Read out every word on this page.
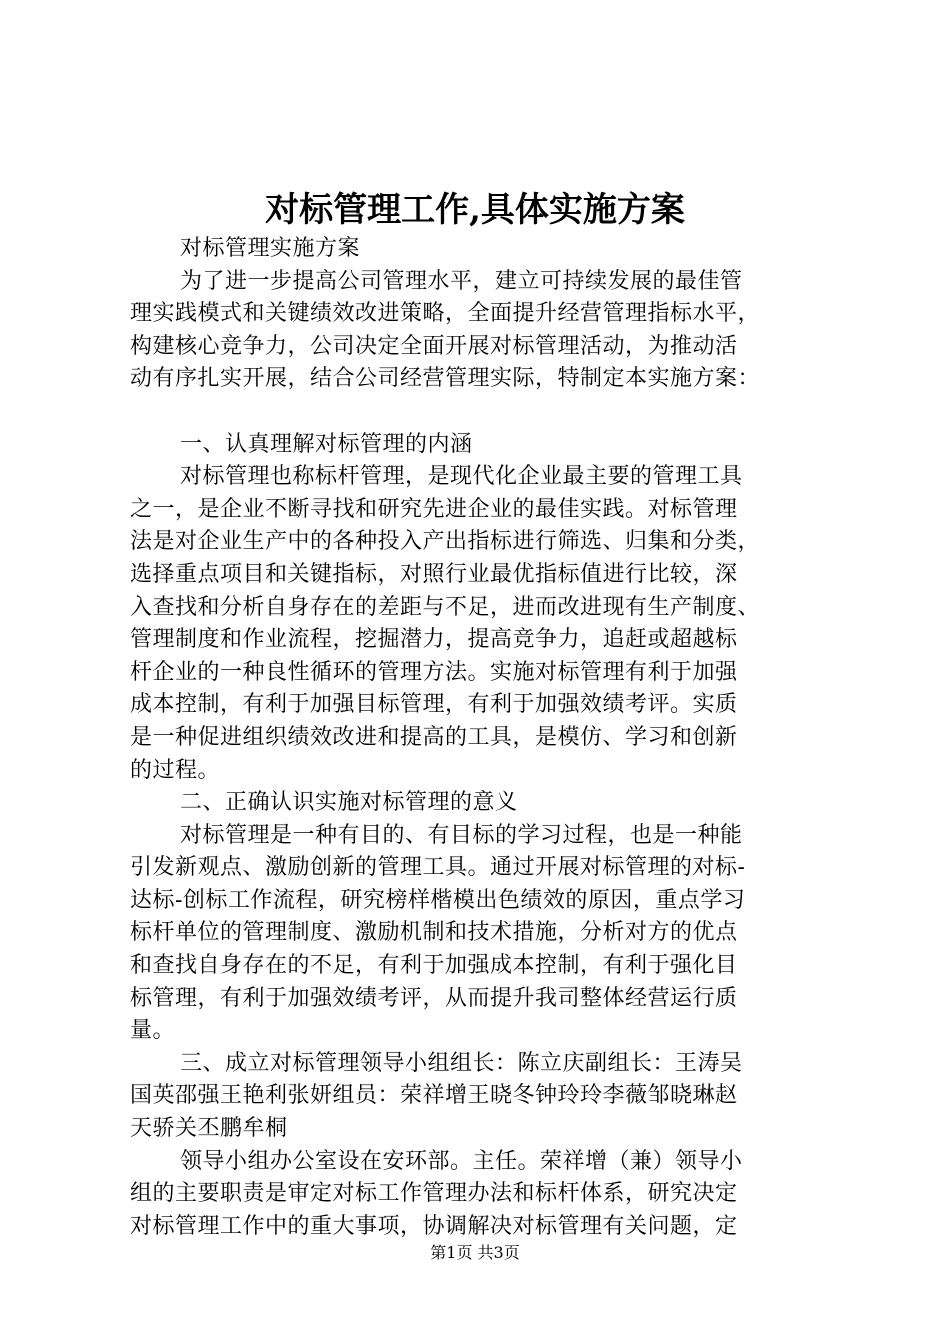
对标管理工作,具体实施方案
对标管理实施方案
为了进一步提高公司管理水平，建立可持续发展的最佳管
理实践模式和关键绩效改进策略，全面提升经营管理指标水平，
构建核心竞争力，公司决定全面开展对标管理活动，为推动活
动有序扎实开展，结合公司经营管理实际，特制定本实施方案：
一、认真理解对标管理的内涵
对标管理也称标杆管理，是现代化企业最主要的管理工具
之一，是企业不断寻找和研究先进企业的最佳实践。对标管理
法是对企业生产中的各种投入产出指标进行筛选、归集和分类，
选择重点项目和关键指标，对照行业最优指标值进行比较，深
入查找和分析自身存在的差距与不足，进而改进现有生产制度、
管理制度和作业流程，挖掘潜力，提高竞争力，追赶或超越标
杆企业的一种良性循环的管理方法。实施对标管理有利于加强
成本控制，有利于加强目标管理，有利于加强效绩考评。实质
是一种促进组织绩效改进和提高的工具，是模仿、学习和创新
的过程。
二、正确认识实施对标管理的意义
对标管理是一种有目的、有目标的学习过程，也是一种能
引发新观点、激励创新的管理工具。通过开展对标管理的对标-
达标-创标工作流程，研究榜样楷模出色绩效的原因，重点学习
标杆单位的管理制度、激励机制和技术措施，分析对方的优点
和查找自身存在的不足，有利于加强成本控制，有利于强化目
标管理，有利于加强效绩考评，从而提升我司整体经营运行质
量。
三、成立对标管理领导小组组长：陈立庆副组长：王涛吴
国英邵强王艳利张妍组员：荣祥增王晓冬钟玲玲李薇邹晓琳赵
天骄关丕鹏牟桐
领导小组办公室设在安环部。主任。荣祥增（兼）领导小
组的主要职责是审定对标工作管理办法和标杆体系，研究决定
对标管理工作中的重大事项，协调解决对标管理有关问题，定
第1页 共3页
